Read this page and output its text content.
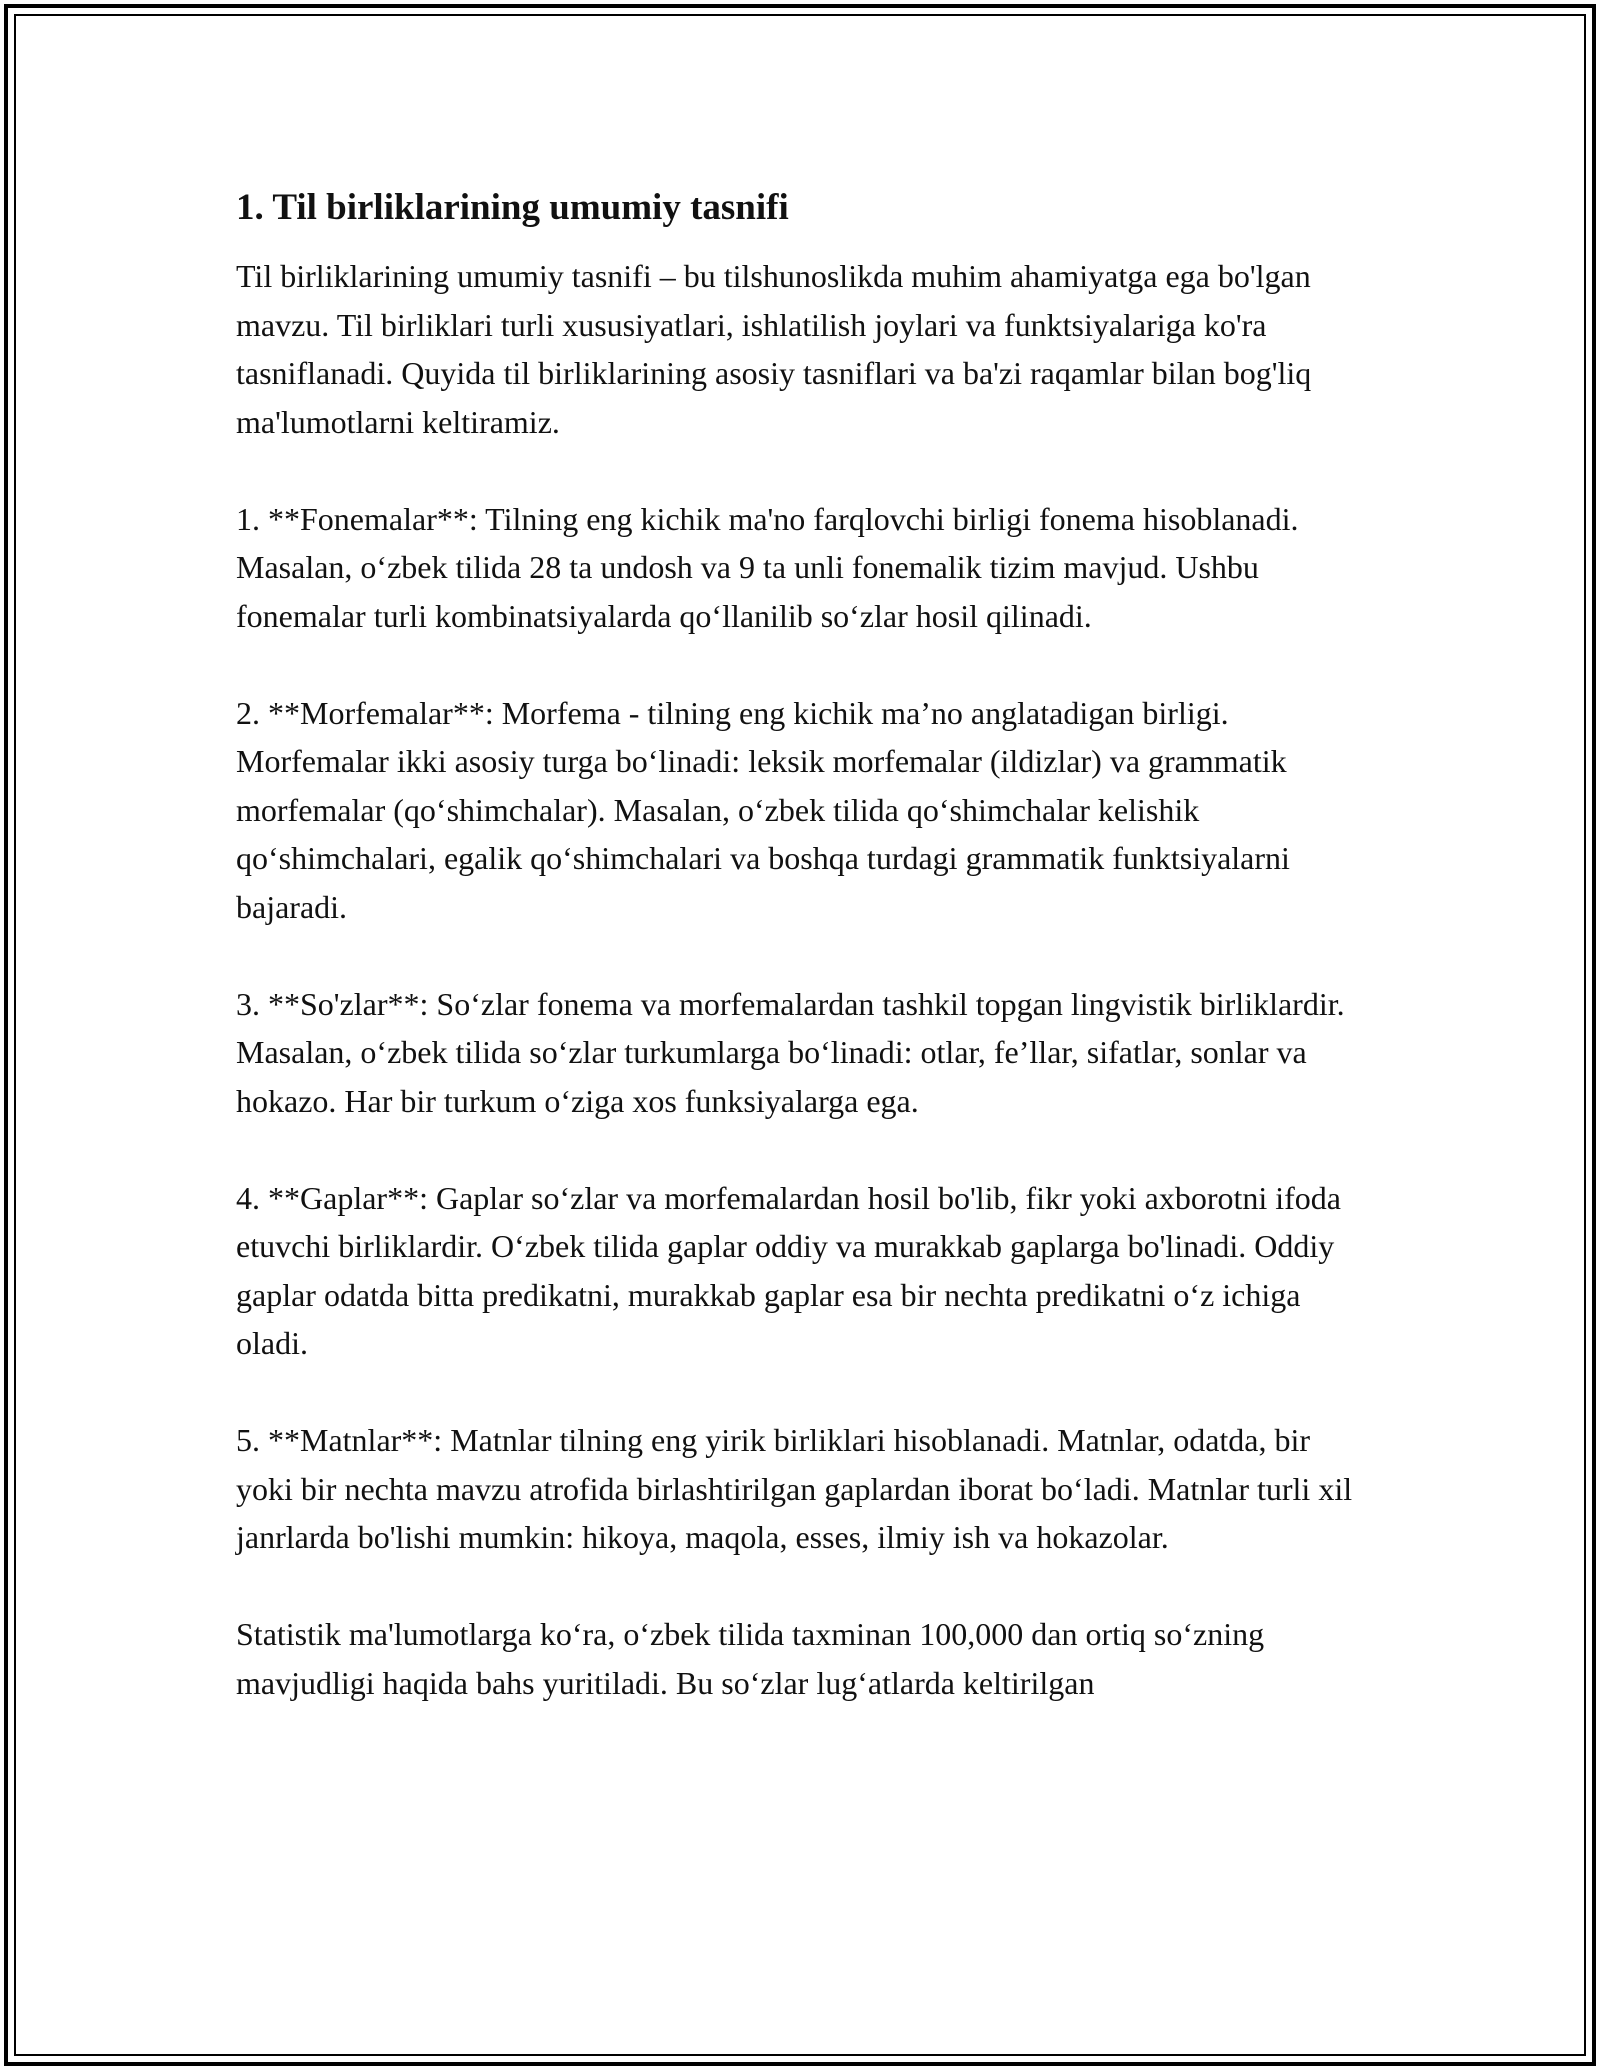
1. Til birliklarining umumiy tasnifi

Til birliklarining umumiy tasnifi – bu tilshunoslikda muhim ahamiyatga ega bo'lgan mavzu. Til birliklari turli xususiyatlari, ishlatilish joylari va funktsiyalariga ko'ra tasniflanadi. Quyida til birliklarining asosiy tasniflari va ba'zi raqamlar bilan bog'liq ma'lumotlarni keltiramiz.

1. **Fonemalar**: Tilning eng kichik ma'no farqlovchi birligi fonema hisoblanadi. Masalan, o‘zbek tilida 28 ta undosh va 9 ta unli fonemalik tizim mavjud. Ushbu fonemalar turli kombinatsiyalarda qo‘llanilib so‘zlar hosil qilinadi.

2. **Morfemalar**: Morfema - tilning eng kichik ma’no anglatadigan birligi. Morfemalar ikki asosiy turga bo‘linadi: leksik morfemalar (ildizlar) va grammatik morfemalar (qo‘shimchalar). Masalan, o‘zbek tilida qo‘shimchalar kelishik qo‘shimchalari, egalik qo‘shimchalari va boshqa turdagi grammatik funktsiyalarni bajaradi.

3. **So'zlar**: So‘zlar fonema va morfemalardan tashkil topgan lingvistik birliklardir. Masalan, o‘zbek tilida so‘zlar turkumlarga bo‘linadi: otlar, fe’llar, sifatlar, sonlar va hokazo. Har bir turkum o‘ziga xos funksiyalarga ega.

4. **Gaplar**: Gaplar so‘zlar va morfemalardan hosil bo'lib, fikr yoki axborotni ifoda etuvchi birliklardir. O‘zbek tilida gaplar oddiy va murakkab gaplarga bo'linadi. Oddiy gaplar odatda bitta predikatni, murakkab gaplar esa bir nechta predikatni o‘z ichiga oladi.

5. **Matnlar**: Matnlar tilning eng yirik birliklari hisoblanadi. Matnlar, odatda, bir yoki bir nechta mavzu atrofida birlashtirilgan gaplardan iborat bo‘ladi. Matnlar turli xil janrlarda bo'lishi mumkin: hikoya, maqola, esses, ilmiy ish va hokazolar.

Statistik ma'lumotlarga ko‘ra, o‘zbek tilida taxminan 100,000 dan ortiq so‘zning mavjudligi haqida bahs yuritiladi. Bu so‘zlar lug‘atlarda keltirilgan
